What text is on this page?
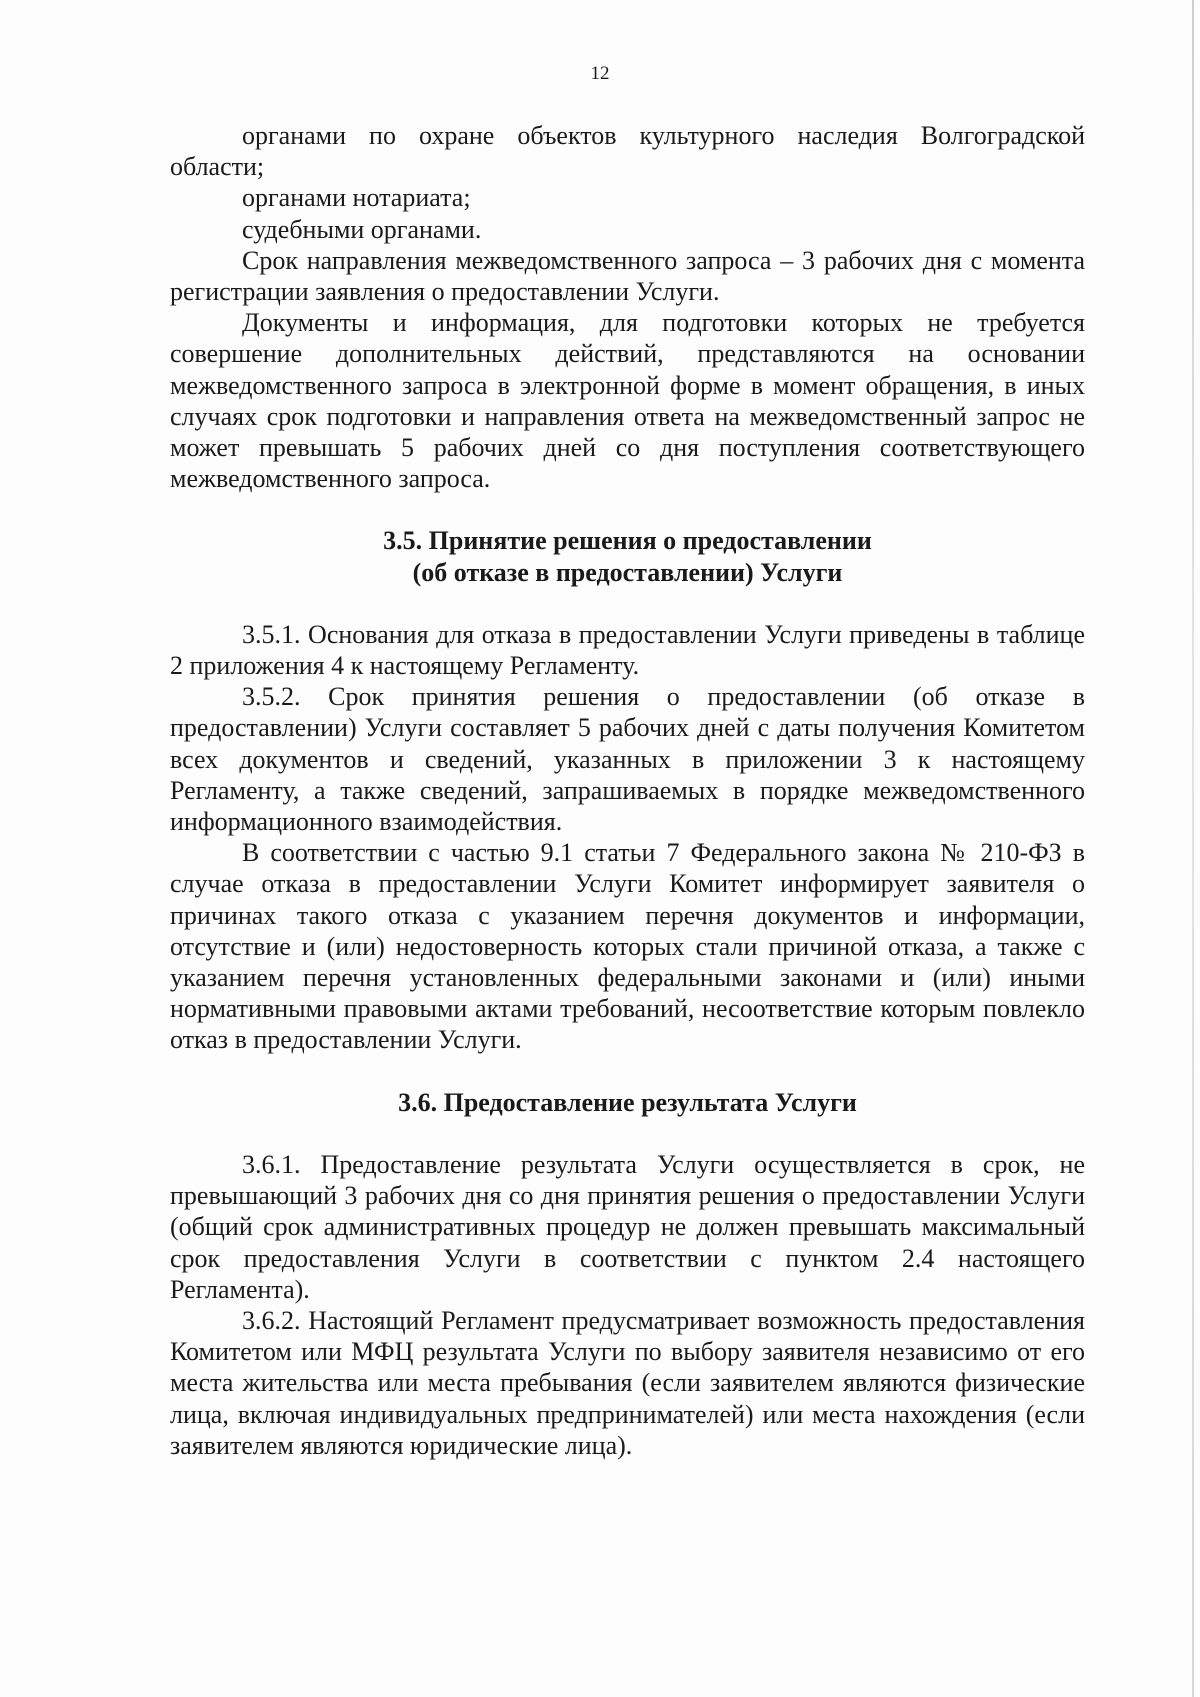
12

органами по охране объектов культурного наследия Волгоградской области;

органами нотариата;

судебными органами.

Срок направления межведомственного запроса – 3 рабочих дня с момента регистрации заявления о предоставлении Услуги.

Документы и информация, для подготовки которых не требуется совершение дополнительных действий, представляются на основании межведомственного запроса в электронной форме в момент обращения, в иных случаях срок подготовки и направления ответа на межведомственный запрос не может превышать 5 рабочих дней со дня поступления соответствующего межведомственного запроса.

3.5. Принятие решения о предоставлении
(об отказе в предоставлении) Услуги

3.5.1. Основания для отказа в предоставлении Услуги приведены в таблице 2 приложения 4 к настоящему Регламенту.

3.5.2. Срок принятия решения о предоставлении (об отказе в предоставлении) Услуги составляет 5 рабочих дней с даты получения Комитетом всех документов и сведений, указанных в приложении 3 к настоящему Регламенту, а также сведений, запрашиваемых в порядке межведомственного информационного взаимодействия.

В соответствии с частью 9.1 статьи 7 Федерального закона № 210-ФЗ в случае отказа в предоставлении Услуги Комитет информирует заявителя о причинах такого отказа с указанием перечня документов и информации, отсутствие и (или) недостоверность которых стали причиной отказа, а также с указанием перечня установленных федеральными законами и (или) иными нормативными правовыми актами требований, несоответствие которым повлекло отказ в предоставлении Услуги.

3.6. Предоставление результата Услуги

3.6.1. Предоставление результата Услуги осуществляется в срок, не превышающий 3 рабочих дня со дня принятия решения о предоставлении Услуги (общий срок административных процедур не должен превышать максимальный срок предоставления Услуги в соответствии с пунктом 2.4 настоящего Регламента).

3.6.2. Настоящий Регламент предусматривает возможность предоставления Комитетом или МФЦ результата Услуги по выбору заявителя независимо от его места жительства или места пребывания (если заявителем являются физические лица, включая индивидуальных предпринимателей) или места нахождения (если заявителем являются юридические лица).
